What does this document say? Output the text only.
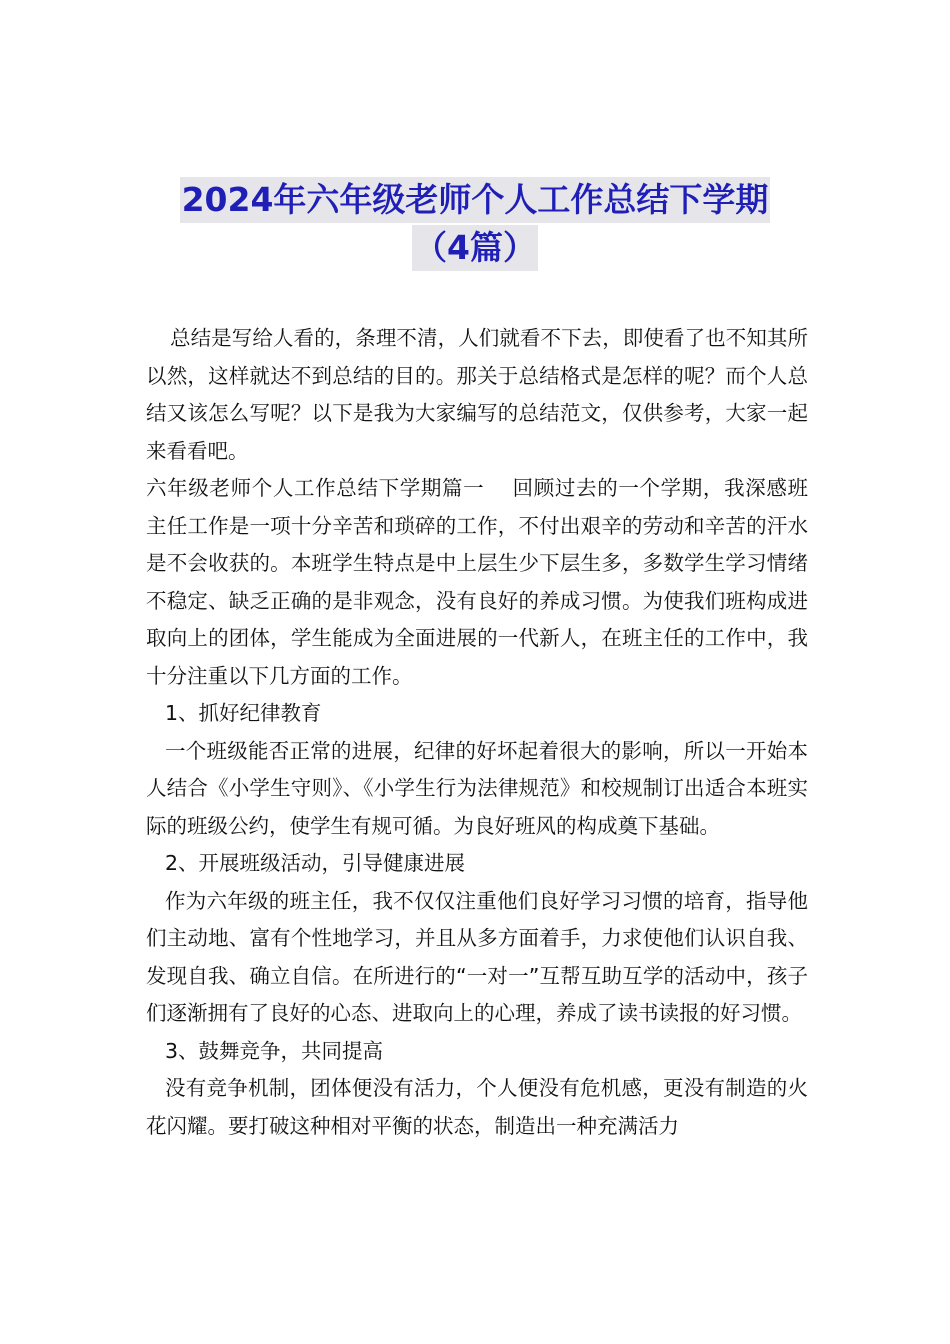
2024年六年级老师个人工作总结下学期
（4篇）

总结是写给人看的，条理不清，人们就看不下去，即使看了也不知其所以然，这样就达不到总结的目的。那关于总结格式是怎样的呢？而个人总结又该怎么写呢？以下是我为大家编写的总结范文，仅供参考，大家一起来看看吧。

六年级老师个人工作总结下学期篇一　 回顾过去的一个学期，我深感班主任工作是一项十分辛苦和琐碎的工作，不付出艰辛的劳动和辛苦的汗水是不会收获的。本班学生特点是中上层生少下层生多，多数学生学习情绪不稳定、缺乏正确的是非观念，没有良好的养成习惯。为使我们班构成进取向上的团体，学生能成为全面进展的一代新人，在班主任的工作中，我十分注重以下几方面的工作。

1、抓好纪律教育

一个班级能否正常的进展，纪律的好坏起着很大的影响，所以一开始本人结合《小学生守则》、《小学生行为法律规范》和校规制订出适合本班实际的班级公约，使学生有规可循。为良好班风的构成奠下基础。

2、开展班级活动，引导健康进展

作为六年级的班主任，我不仅仅注重他们良好学习习惯的培育，指导他们主动地、富有个性地学习，并且从多方面着手，力求使他们认识自我、发现自我、确立自信。在所进行的“一对一”互帮互助互学的活动中，孩子们逐渐拥有了良好的心态、进取向上的心理，养成了读书读报的好习惯。

3、鼓舞竞争，共同提高

没有竞争机制，团体便没有活力，个人便没有危机感，更没有制造的火花闪耀。要打破这种相对平衡的状态，制造出一种充满活力
